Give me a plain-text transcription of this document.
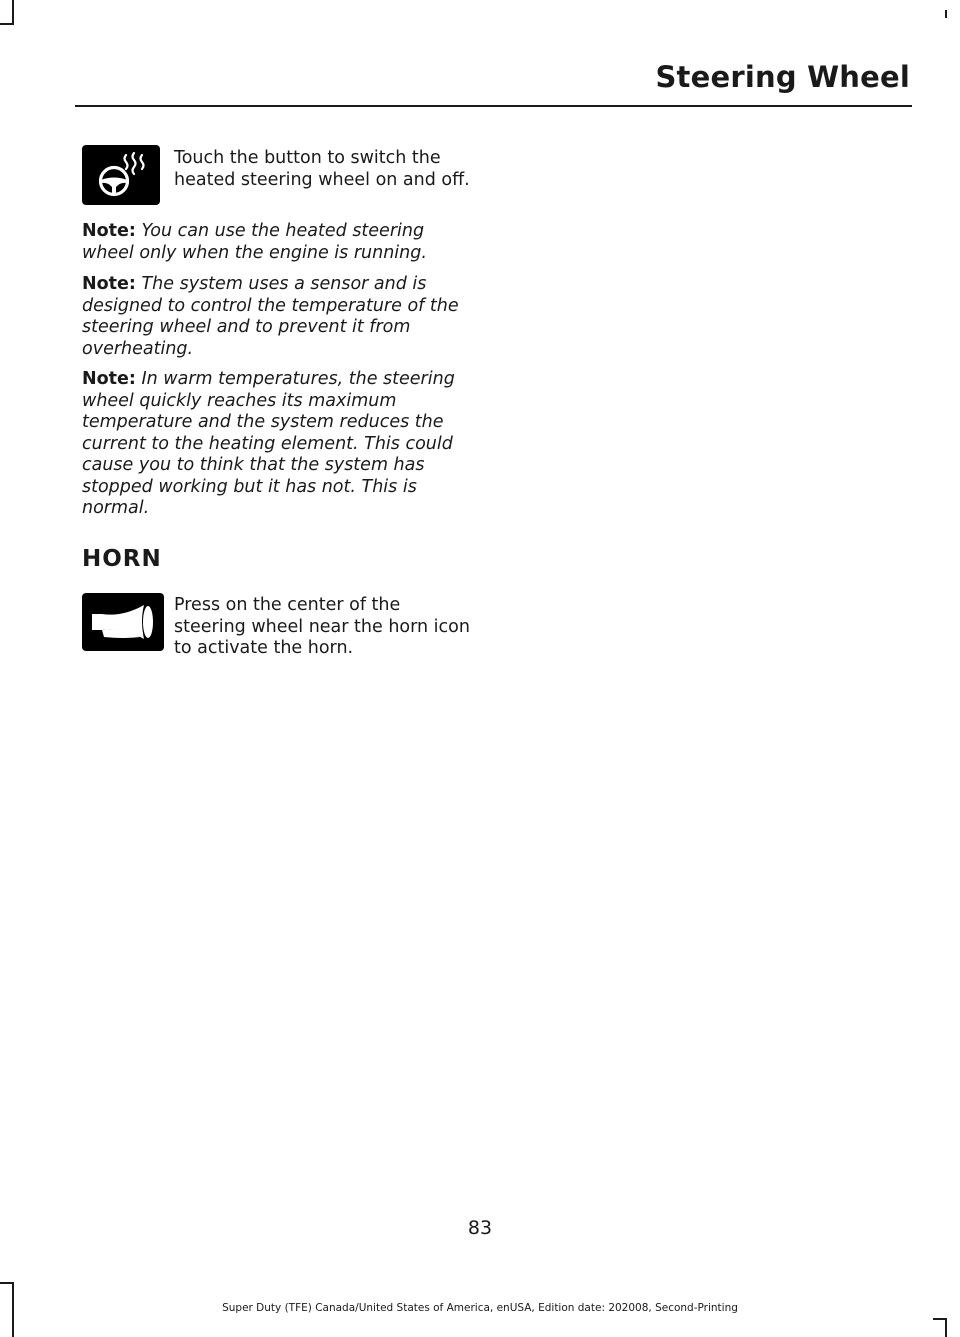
Steering Wheel
Touch the button to switch the heated steering wheel on and off.

Note: You can use the heated steering wheel only when the engine is running.

Note: The system uses a sensor and is designed to control the temperature of the steering wheel and to prevent it from overheating.

Note: In warm temperatures, the steering wheel quickly reaches its maximum temperature and the system reduces the current to the heating element. This could cause you to think that the system has stopped working but it has not. This is normal.

HORN
Press on the center of the steering wheel near the horn icon to activate the horn.
83
Super Duty (TFE) Canada/United States of America, enUSA, Edition date: 202008, Second-Printing
